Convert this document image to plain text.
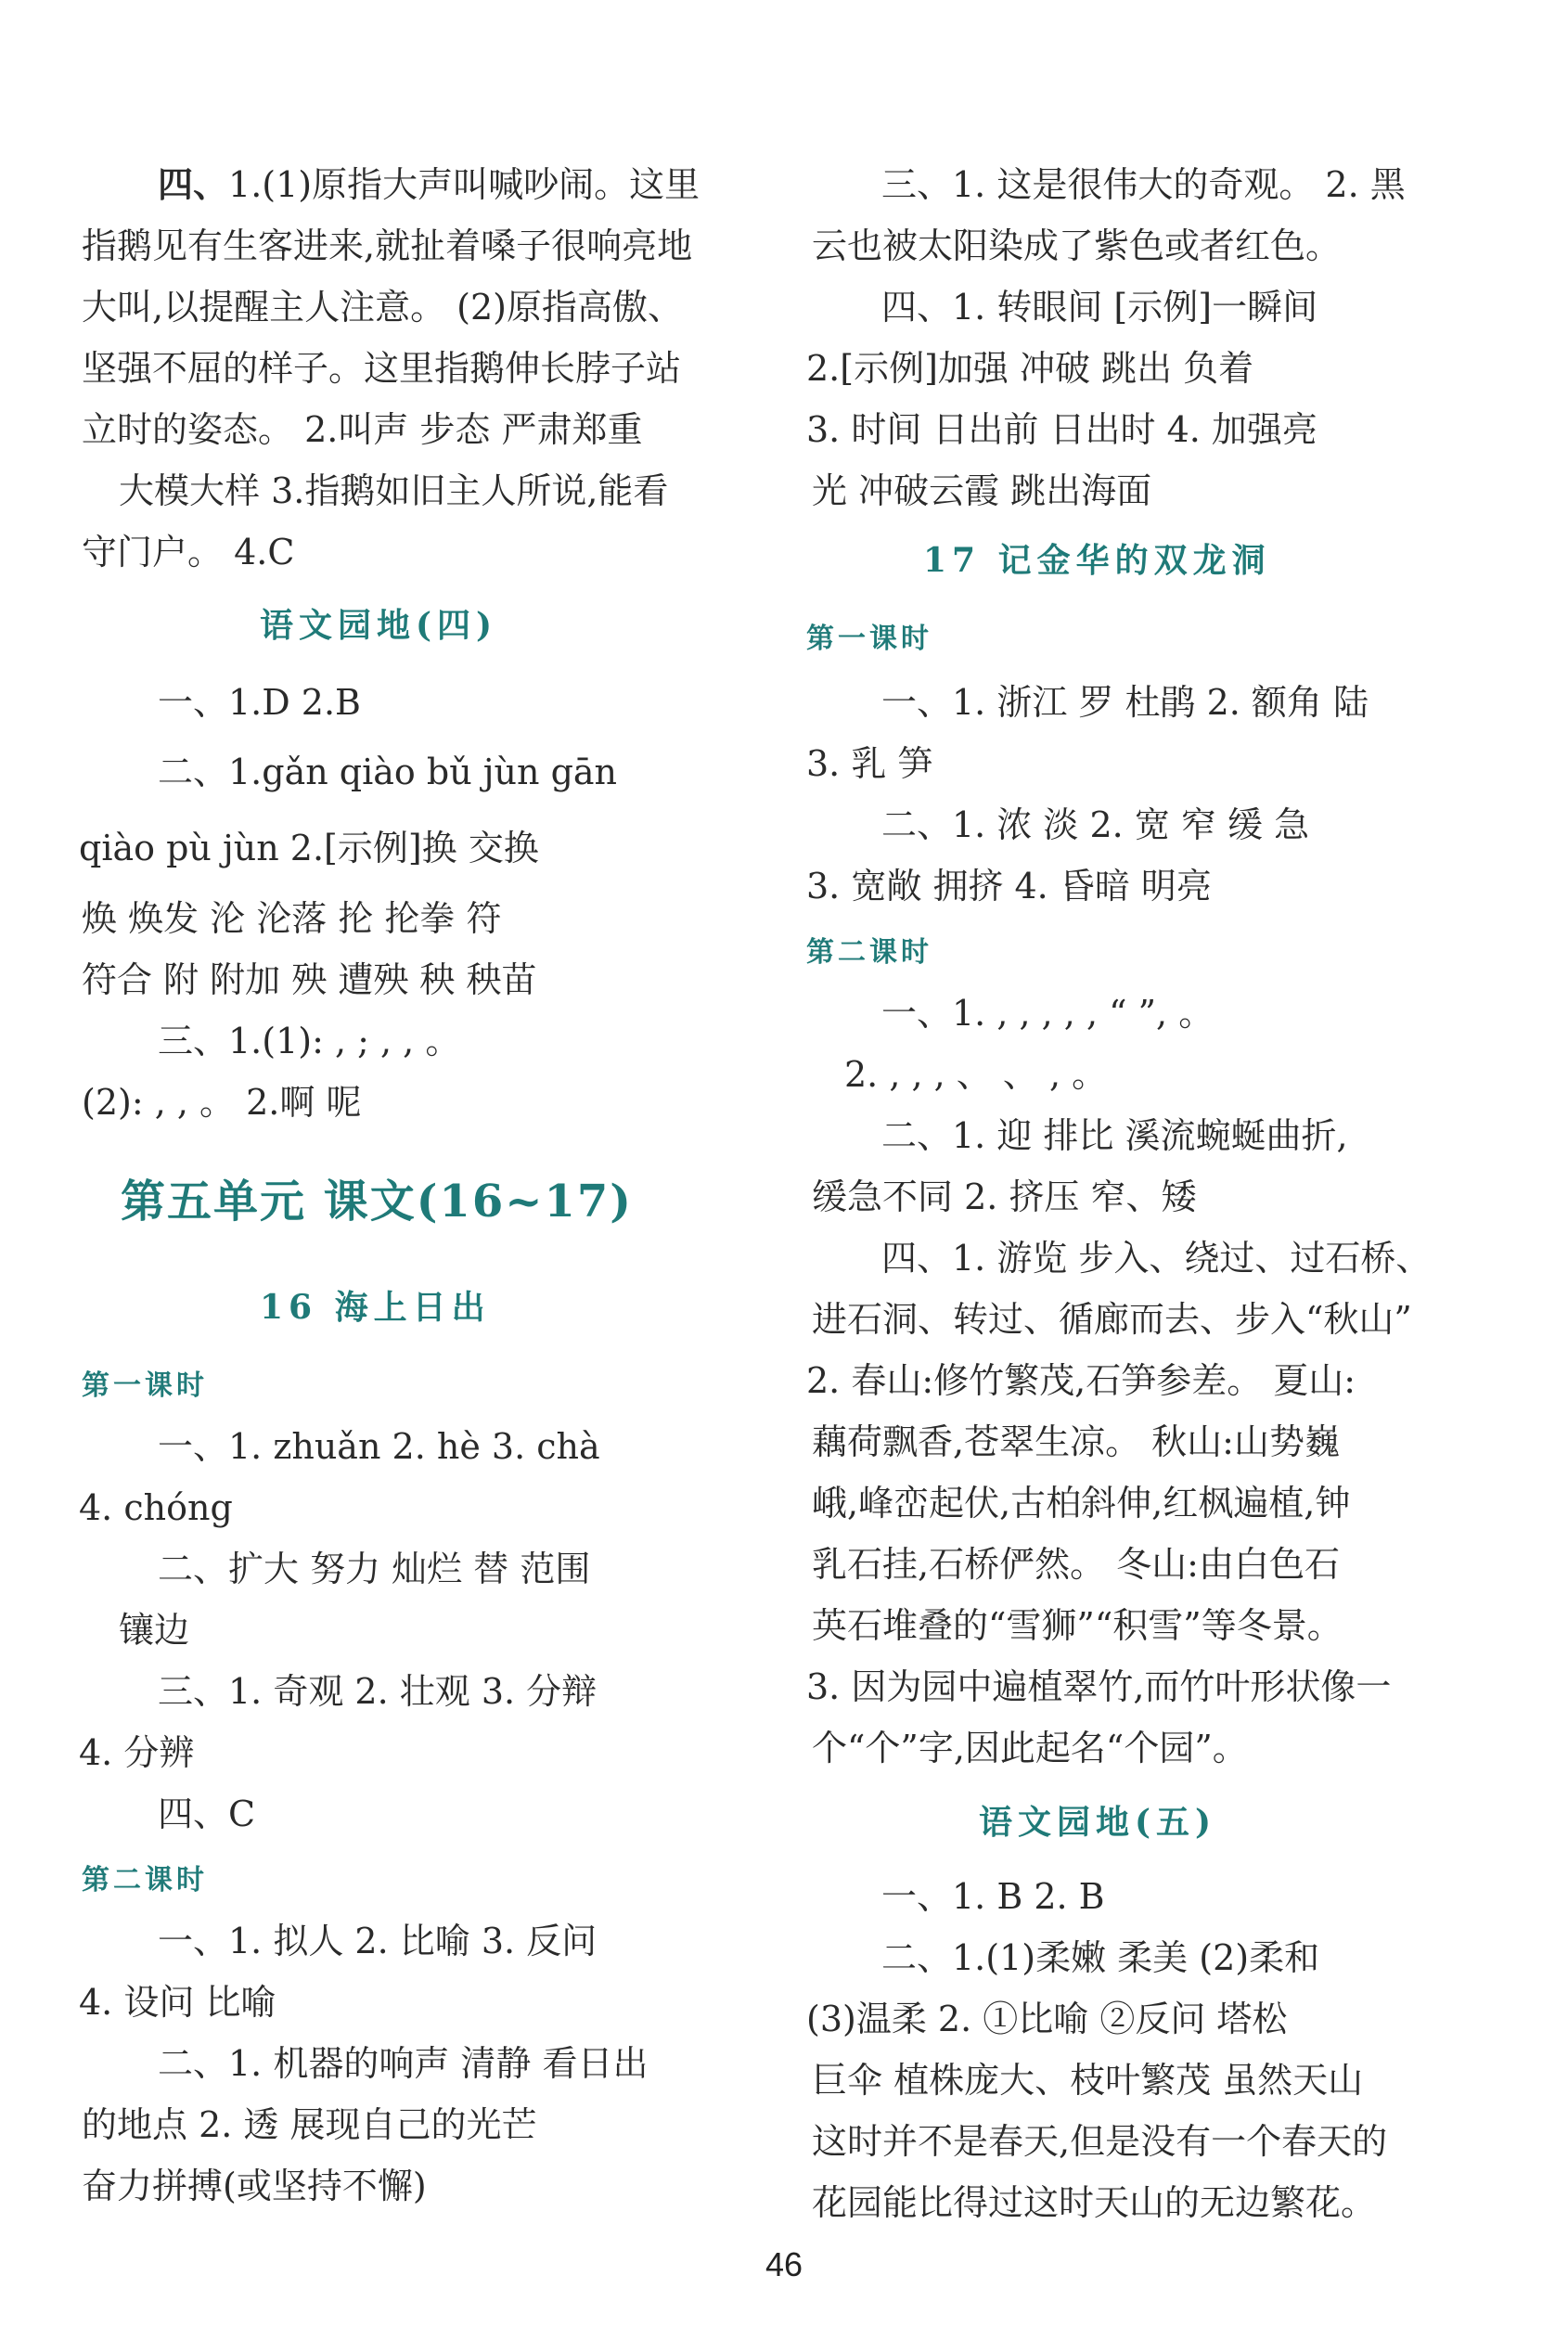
四、1.(1)原指大声叫喊吵闹。这里
指鹅见有生客进来,就扯着嗓子很响亮地
大叫,以提醒主人注意。 (2)原指高傲、
坚强不屈的样子。这里指鹅伸长脖子站
立时的姿态。 2.叫声 步态 严肃郑重
大模大样 3.指鹅如旧主人所说,能看
守门户。 4.C
语文园地(四)
一、1.D 2.B
二、1.gǎn qiào bǔ jùn gān
qiào pù jùn 2.[示例]换 交换
焕 焕发 沦 沦落 抡 抡拳 符
符合 附 附加 殃 遭殃 秧 秧苗
三、1.(1): , ; , , 。
(2): , , 。 2.啊 呢
第五单元 课文(16~17)
16 海上日出
第一课时
一、1. zhuǎn 2. hè 3. chà
4. chóng
二、扩大 努力 灿烂 替 范围
镶边
三、1. 奇观 2. 壮观 3. 分辩
4. 分辨
四、C
第二课时
一、1. 拟人 2. 比喻 3. 反问
4. 设问 比喻
二、1. 机器的响声 清静 看日出
的地点 2. 透 展现自己的光芒
奋力拼搏(或坚持不懈)
三、1. 这是很伟大的奇观。 2. 黑
云也被太阳染成了紫色或者红色。
四、1. 转眼间 [示例]一瞬间
2.[示例]加强 冲破 跳出 负着
3. 时间 日出前 日出时 4. 加强亮
光 冲破云霞 跳出海面
17 记金华的双龙洞
第一课时
一、1. 浙江 罗 杜鹃 2. 额角 陆
3. 乳 笋
二、1. 浓 淡 2. 宽 窄 缓 急
3. 宽敞 拥挤 4. 昏暗 明亮
第二课时
一、1. , , , , , “ ”, 。
2. , , , 、 、 , 。
二、1. 迎 排比 溪流蜿蜒曲折,
缓急不同 2. 挤压 窄、矮
四、1. 游览 步入、绕过、过石桥、
进石洞、转过、循廊而去、步入“秋山”
2. 春山:修竹繁茂,石笋参差。 夏山:
藕荷飘香,苍翠生凉。 秋山:山势巍
峨,峰峦起伏,古柏斜伸,红枫遍植,钟
乳石挂,石桥俨然。 冬山:由白色石
英石堆叠的“雪狮”“积雪”等冬景。
3. 因为园中遍植翠竹,而竹叶形状像一
个“个”字,因此起名“个园”。
语文园地(五)
一、1. B 2. B
二、1.(1)柔嫩 柔美 (2)柔和
(3)温柔 2. ①比喻 ②反问 塔松
巨伞 植株庞大、枝叶繁茂 虽然天山
这时并不是春天,但是没有一个春天的
花园能比得过这时天山的无边繁花。
46
